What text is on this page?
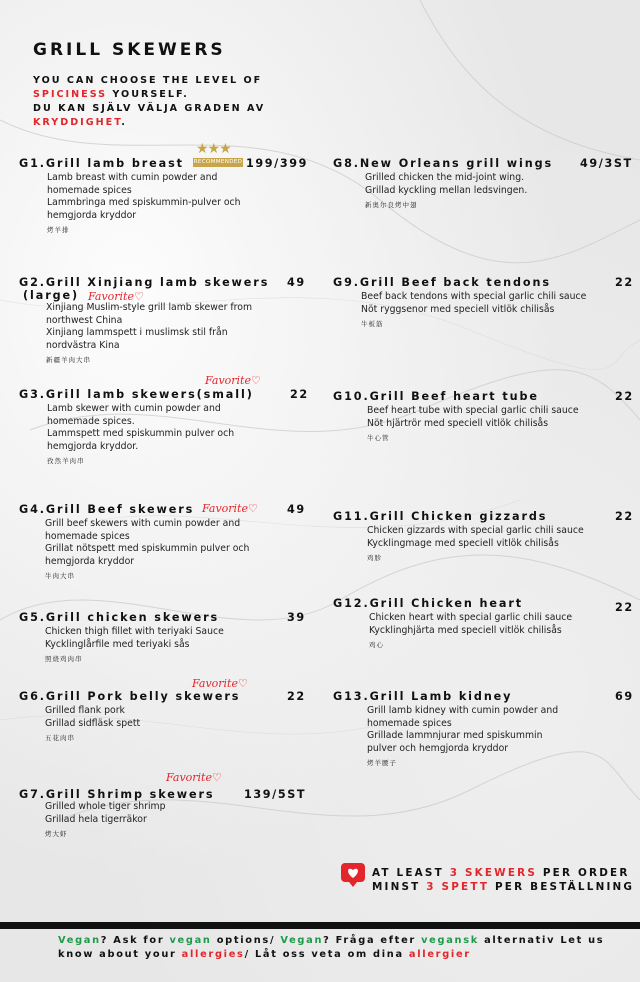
GRILL SKEWERS
YOU CAN CHOOSE THE LEVEL OF
SPICINESS YOURSELF.
DU KAN SJÄLV VÄLJA GRADEN AV
KRYDDIGHET.
★★★
RECOMMENDED
G1.Grill lamb breast
Lamb breast with cumin powder and
homemade spices
Lammbringa med spiskummin-pulver och
hemgjorda kryddor
烤羊排
199/399
G2.Grill Xinjiang lamb skewers
(large)
Xinjiang Muslim-style grill lamb skewer from
northwest China
Xinjiang lammspett i muslimsk stil från
nordvästra Kina
新疆羊肉大串
49
Favorite♡
G3.Grill lamb skewers(small)
Lamb skewer with cumin powder and
homemade spices.
Lammspett med spiskummin pulver och
hemgjorda kryddor.
孜然羊肉串
22
Favorite♡
G4.Grill Beef skewers
Grill beef skewers with cumin powder and
homemade spices
Grillat nötspett med spiskummin pulver och
hemgjorda kryddor
牛肉大串
49
Favorite♡
G5.Grill chicken skewers
Chicken thigh fillet with teriyaki Sauce
Kycklinglårfile med teriyaki sås
照烧鸡肉串
39
G6.Grill Pork belly skewers
Grilled flank pork
Grillad sidfläsk spett
五花肉串
22
Favorite♡
G7.Grill Shrimp skewers
Grilled whole tiger shrimp
Grillad hela tigerräkor
烤大虾
139/5ST
Favorite♡
G8.New Orleans grill wings
Grilled chicken the mid-joint wing.
Grillad kyckling mellan ledsvingen.
新奥尔良烤中翅
49/3ST
G9.Grill Beef back tendons
Beef back tendons with special garlic chili sauce
Nöt ryggsenor med speciell vitlök chilisås
牛板筋
22
G10.Grill Beef heart tube
Beef heart tube with special garlic chili sauce
Nöt hjärtrör med speciell vitlök chilisås
牛心管
22
G11.Grill Chicken gizzards
Chicken gizzards with special garlic chili sauce
Kycklingmage med speciell vitlök chilisås
鸡胗
22
G12.Grill Chicken heart
Chicken heart with special garlic chili sauce
Kycklinghjärta med speciell vitlök chilisås
鸡心
22
G13.Grill Lamb kidney
Grill lamb kidney with cumin powder and
homemade spices
Grillade lammnjurar med spiskummin
pulver och hemgjorda kryddor
烤羊腰子
69
AT LEAST 3 SKEWERS PER ORDER
MINST 3 SPETT PER BESTÄLLNING
Vegan? Ask for vegan options/ Vegan? Fråga efter vegansk alternativ Let us
know about your allergies/ Låt oss veta om dina allergier
